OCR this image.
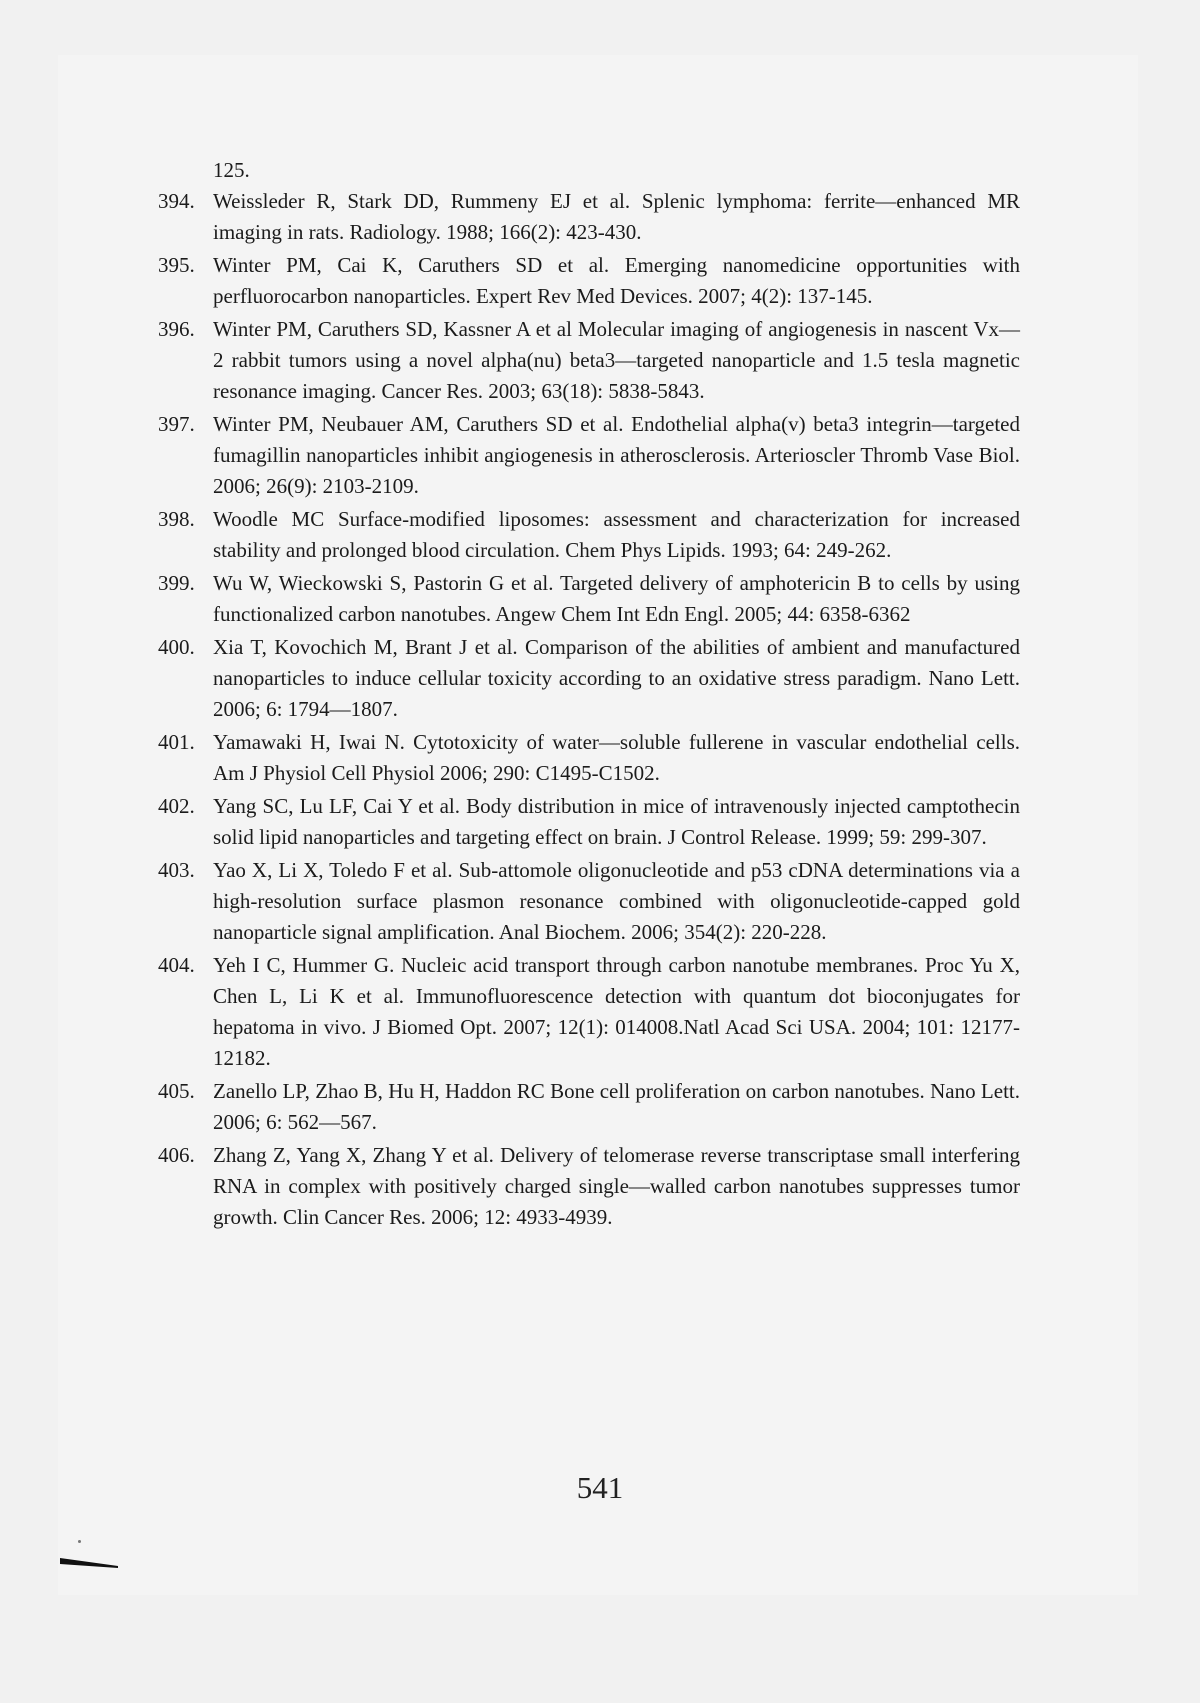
125.
394. Weissleder R, Stark DD, Rummeny EJ et al. Splenic lymphoma: ferrite—enhanced MR imaging in rats. Radiology. 1988; 166(2): 423-430.
395. Winter PM, Cai K, Caruthers SD et al. Emerging nanomedicine opportunities with perfluorocarbon nanoparticles. Expert Rev Med Devices. 2007; 4(2): 137-145.
396. Winter PM, Caruthers SD, Kassner A et al Molecular imaging of angiogenesis in nascent Vx—2 rabbit tumors using a novel alpha(nu) beta3—targeted nanoparticle and 1.5 tesla magnetic resonance imaging. Cancer Res. 2003; 63(18): 5838-5843.
397. Winter PM, Neubauer AM, Caruthers SD et al. Endothelial alpha(v) beta3 integrin—targeted fumagillin nanoparticles inhibit angiogenesis in atherosclerosis. Arterioscler Thromb Vase Biol. 2006; 26(9): 2103-2109.
398. Woodle MC Surface-modified liposomes: assessment and characterization for increased stability and prolonged blood circulation. Chem Phys Lipids. 1993; 64: 249-262.
399. Wu W, Wieckowski S, Pastorin G et al. Targeted delivery of amphotericin B to cells by using functionalized carbon nanotubes. Angew Chem Int Edn Engl. 2005; 44: 6358-6362
400. Xia T, Kovochich M, Brant J et al. Comparison of the abilities of ambient and manufactured nanoparticles to induce cellular toxicity according to an oxidative stress paradigm. Nano Lett. 2006; 6: 1794—1807.
401. Yamawaki H, Iwai N. Cytotoxicity of water—soluble fullerene in vascular endothelial cells. Am J Physiol Cell Physiol 2006; 290: C1495-C1502.
402. Yang SC, Lu LF, Cai Y et al. Body distribution in mice of intravenously injected camptothecin solid lipid nanoparticles and targeting effect on brain. J Control Release. 1999; 59: 299-307.
403. Yao X, Li X, Toledo F et al. Sub-attomole oligonucleotide and p53 cDNA determinations via a high-resolution surface plasmon resonance combined with oligonucleotide-capped gold nanoparticle signal amplification. Anal Biochem. 2006; 354(2): 220-228.
404. Yeh I C, Hummer G. Nucleic acid transport through carbon nanotube membranes. Proc Yu X, Chen L, Li K et al. Immunofluorescence detection with quantum dot bioconjugates for hepatoma in vivo. J Biomed Opt. 2007; 12(1): 014008.Natl Acad Sci USA. 2004; 101: 12177-12182.
405. Zanello LP, Zhao B, Hu H, Haddon RC Bone cell proliferation on carbon nanotubes. Nano Lett. 2006; 6: 562—567.
406. Zhang Z, Yang X, Zhang Y et al. Delivery of telomerase reverse transcriptase small interfering RNA in complex with positively charged single—walled carbon nanotubes suppresses tumor growth. Clin Cancer Res. 2006; 12: 4933-4939.
541
